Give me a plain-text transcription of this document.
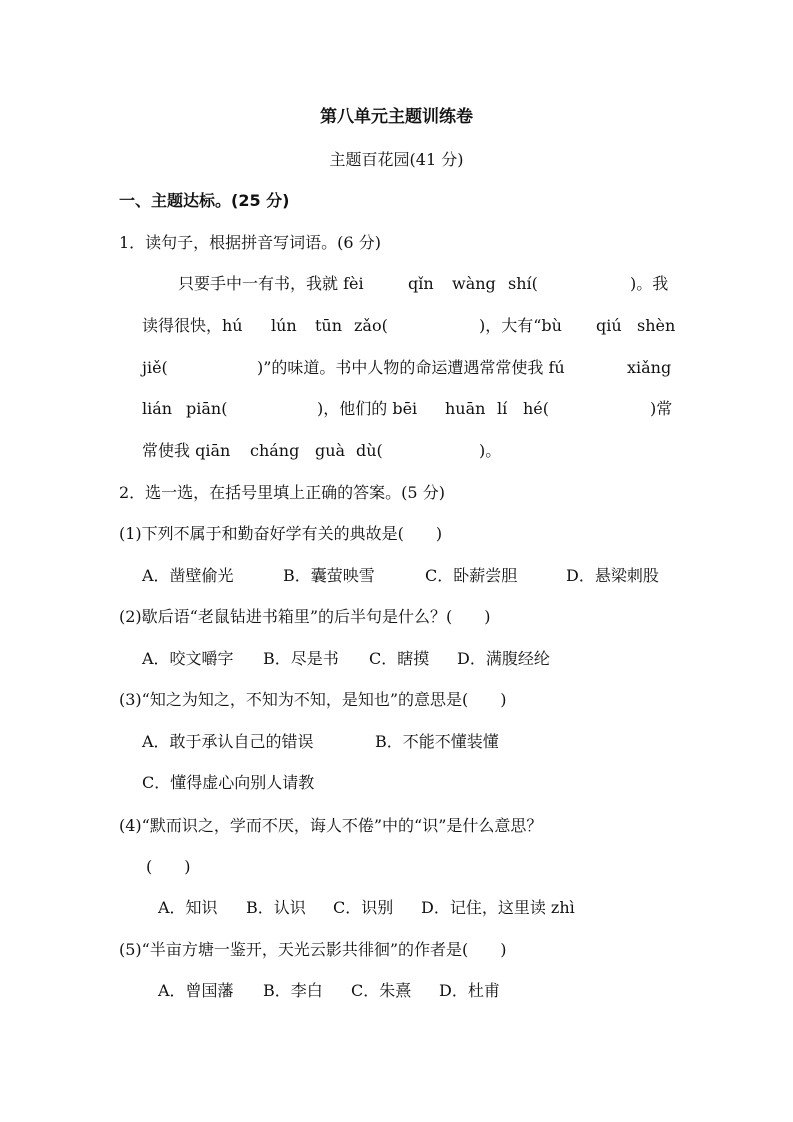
第八单元主题训练卷
主题百花园(41 分)
一、主题达标。(25 分)
1．读句子，根据拼音写词语。(6 分)
只要手中一有书，我就 fèi	qǐn wàng shí(	)。我
读得很快，hú lún tūn zǎo(	)，大有“bù qiú shèn
jiě(	)”的味道。书中人物的命运遭遇常常使我 fú	xiǎng
lián piān(	)，他们的 bēi huān lí hé(	)常
常使我 qiān cháng guà dù(	)。
2．选一选，在括号里填上正确的答案。(5 分)
(1)下列不属于和勤奋好学有关的典故是(　　)
A．凿壁偷光	B．囊萤映雪	C．卧薪尝胆	D．悬梁刺股
(2)歇后语“老鼠钻进书箱里”的后半句是什么？(　　)
A．咬文嚼字 B．尽是书 C．瞎摸 D．满腹经纶
(3)“知之为知之，不知为不知，是知也”的意思是(　　)
A．敢于承认自己的错误	B．不能不懂装懂
C．懂得虚心向别人请教
(4)“默而识之，学而不厌，诲人不倦”中的“识”是什么意思？
(　　)
A．知识 B．认识 C．识别 D．记住，这里读 zhì
(5)“半亩方塘一鉴开，天光云影共徘徊”的作者是(　　)
A．曾国藩 B．李白 C．朱熹 D．杜甫
